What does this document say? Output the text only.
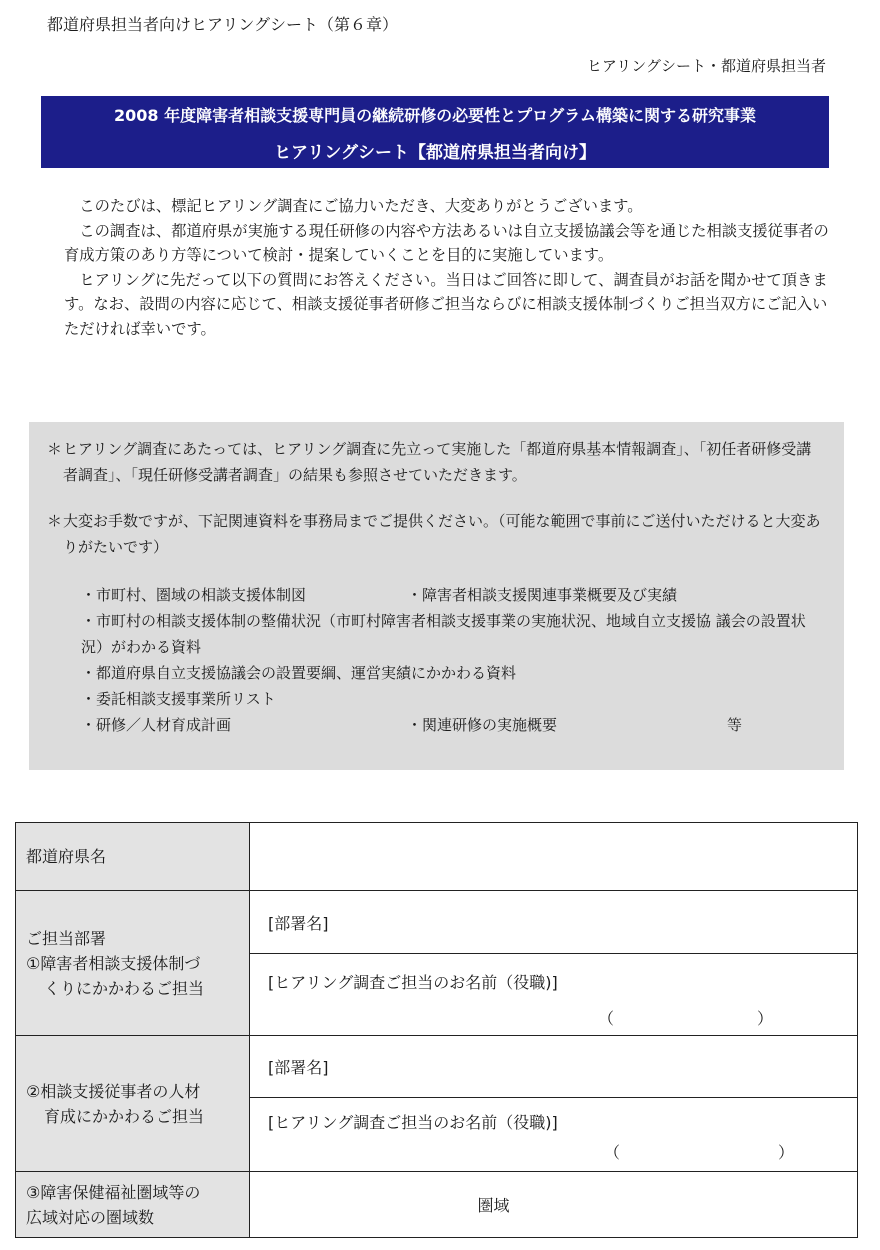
都道府県担当者向けヒアリングシート（第６章）
ヒアリングシート・都道府県担当者
2008 年度障害者相談支援専門員の継続研修の必要性とプログラム構築に関する研究事業
ヒアリングシート【都道府県担当者向け】

このたびは、標記ヒアリング調査にご協力いただき、大変ありがとうございます。

この調査は、都道府県が実施する現任研修の内容や方法あるいは自立支援協議会等を通じた相談支援従事者の育成方策のあり方等について検討・提案していくことを目的に実施しています。

ヒアリングに先だって以下の質問にお答えください。当日はご回答に即して、調査員がお話を聞かせて頂きます。なお、設問の内容に応じて、相談支援従事者研修ご担当ならびに相談支援体制づくりご担当双方にご記入いただければ幸いです。

＊ ヒアリング調査にあたっては、ヒアリング調査に先立って実施した「都道府県基本情報調査」、「初任者研修受講者調査」、「現任研修受講者調査」の結果も参照させていただきます。
＊ 大変お手数ですが、下記関連資料を事務局までご提供ください。（可能な範囲で事前にご送付いただけると大変ありがたいです）
・市町村、圏域の相談支援体制図	・障害者相談支援関連事業概要及び実績
・市町村の相談支援体制の整備状況（市町村障害者相談支援事業の実施状況、地域自立支援協 議会の設置状況）がわかる資料
・都道府県自立支援協議会の設置要綱、運営実績にかかわる資料
・委託相談支援事業所リスト
・研修／人材育成計画	・関連研修の実施概要	等
都道府県名	

ご担当部署
①障害者相談支援体制づ
くりにかかわるご担当	[部署名]

	[ヒアリング調査ご担当のお名前（役職)]
（ ）

②相談支援従事者の人材
育成にかかわるご担当	[部署名]

	[ヒアリング調査ご担当のお名前（役職)]
（ ）

③障害保健福祉圏域等の
広域対応の圏域数	圏域
